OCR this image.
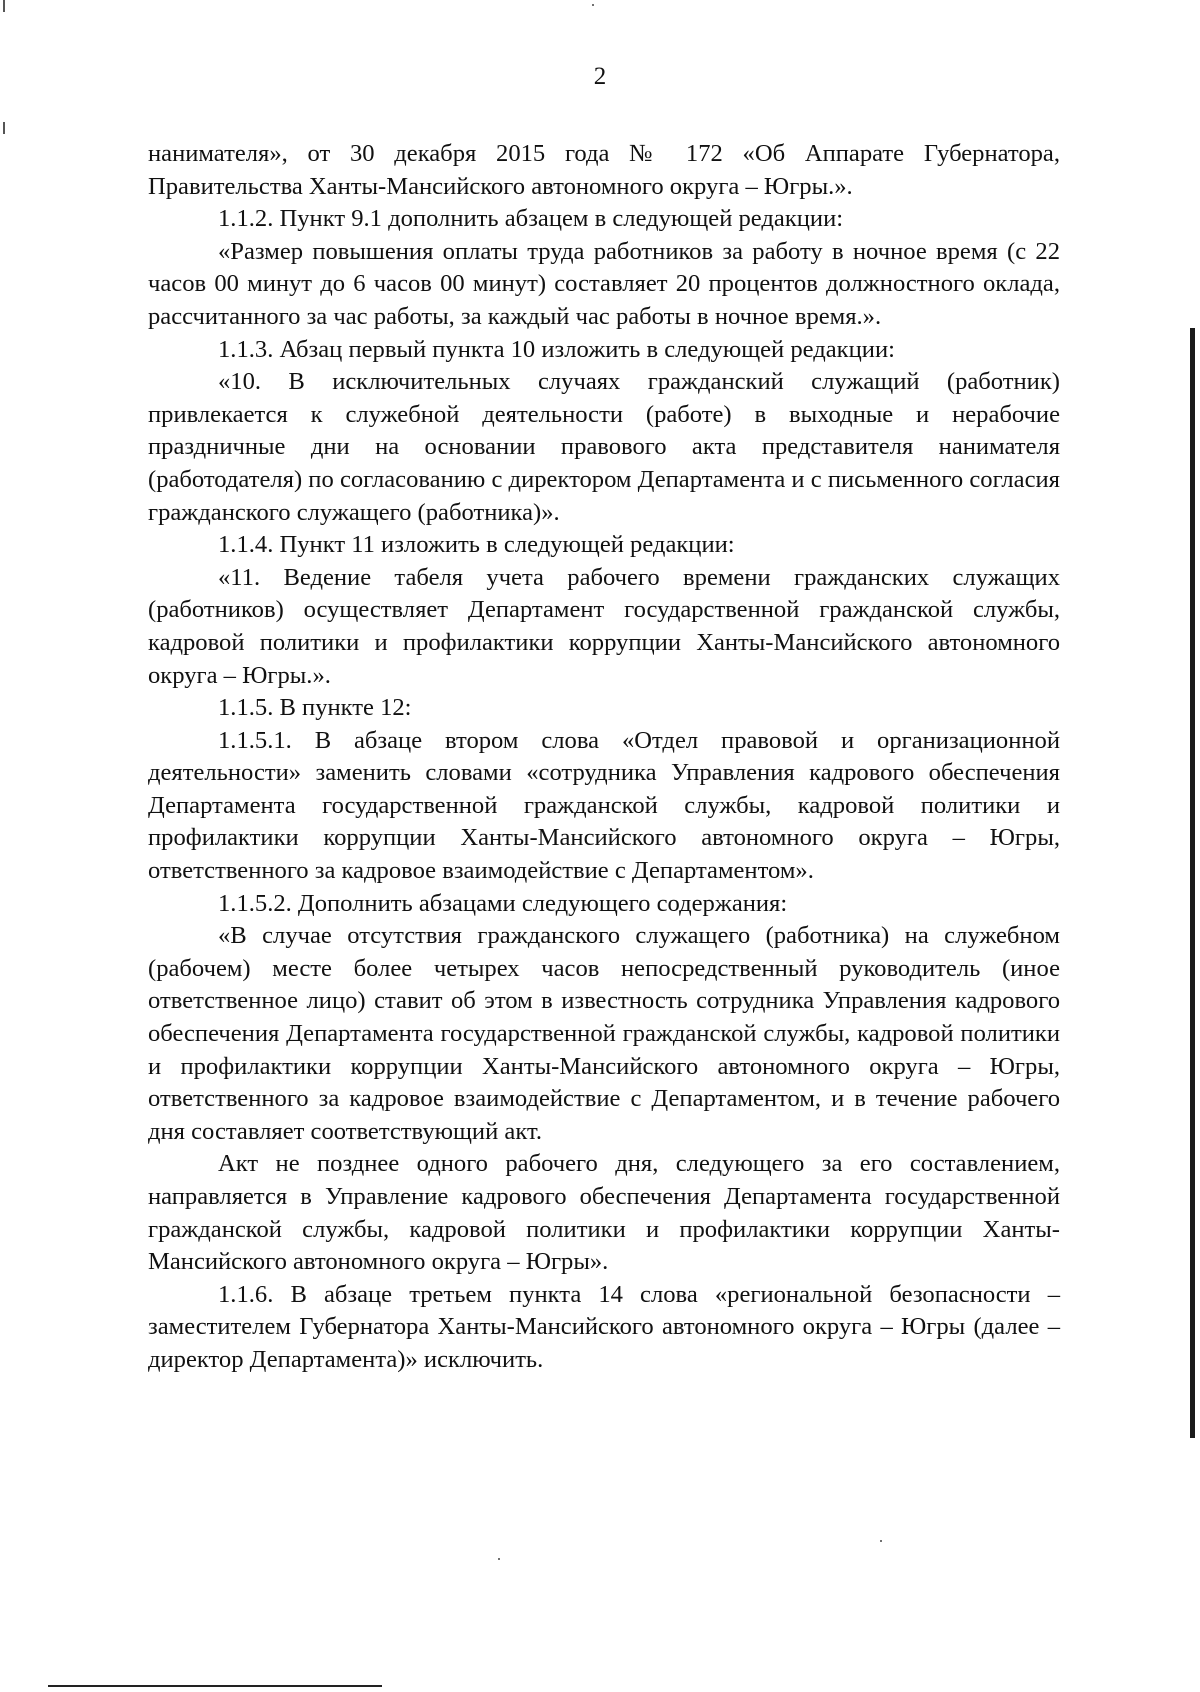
2

нанимателя», от 30 декабря 2015 года № 172 «Об Аппарате Губернатора, Правительства Ханты-Мансийского автономного округа – Югры.».

1.1.2. Пункт 9.1 дополнить абзацем в следующей редакции:

«Размер повышения оплаты труда работников за работу в ночное время (с 22 часов 00 минут до 6 часов 00 минут) составляет 20 процентов должностного оклада, рассчитанного за час работы, за каждый час работы в ночное время.».

1.1.3. Абзац первый пункта 10 изложить в следующей редакции:

«10. В исключительных случаях гражданский служащий (работник) привлекается к служебной деятельности (работе) в выходные и нерабочие праздничные дни на основании правового акта представителя нанимателя (работодателя) по согласованию с директором Департамента и с письменного согласия гражданского служащего (работника)».

1.1.4. Пункт 11 изложить в следующей редакции:

«11. Ведение табеля учета рабочего времени гражданских служащих (работников) осуществляет Департамент государственной гражданской службы, кадровой политики и профилактики коррупции Ханты-Мансийского автономного округа – Югры.».

1.1.5. В пункте 12:

1.1.5.1. В абзаце втором слова «Отдел правовой и организационной деятельности» заменить словами «сотрудника Управления кадрового обеспечения Департамента государственной гражданской службы, кадровой политики и профилактики коррупции Ханты-Мансийского автономного округа – Югры, ответственного за кадровое взаимодействие с Департаментом».

1.1.5.2. Дополнить абзацами следующего содержания:

«В случае отсутствия гражданского служащего (работника) на служебном (рабочем) месте более четырех часов непосредственный руководитель (иное ответственное лицо) ставит об этом в известность сотрудника Управления кадрового обеспечения Департамента государственной гражданской службы, кадровой политики и профилактики коррупции Ханты-Мансийского автономного округа – Югры, ответственного за кадровое взаимодействие с Департаментом, и в течение рабочего дня составляет соответствующий акт.

Акт не позднее одного рабочего дня, следующего за его составлением, направляется в Управление кадрового обеспечения Департамента государственной гражданской службы, кадровой политики и профилактики коррупции Ханты-Мансийского автономного округа – Югры».

1.1.6. В абзаце третьем пункта 14 слова «региональной безопасности – заместителем Губернатора Ханты-Мансийского автономного округа – Югры (далее – директор Департамента)» исключить.
